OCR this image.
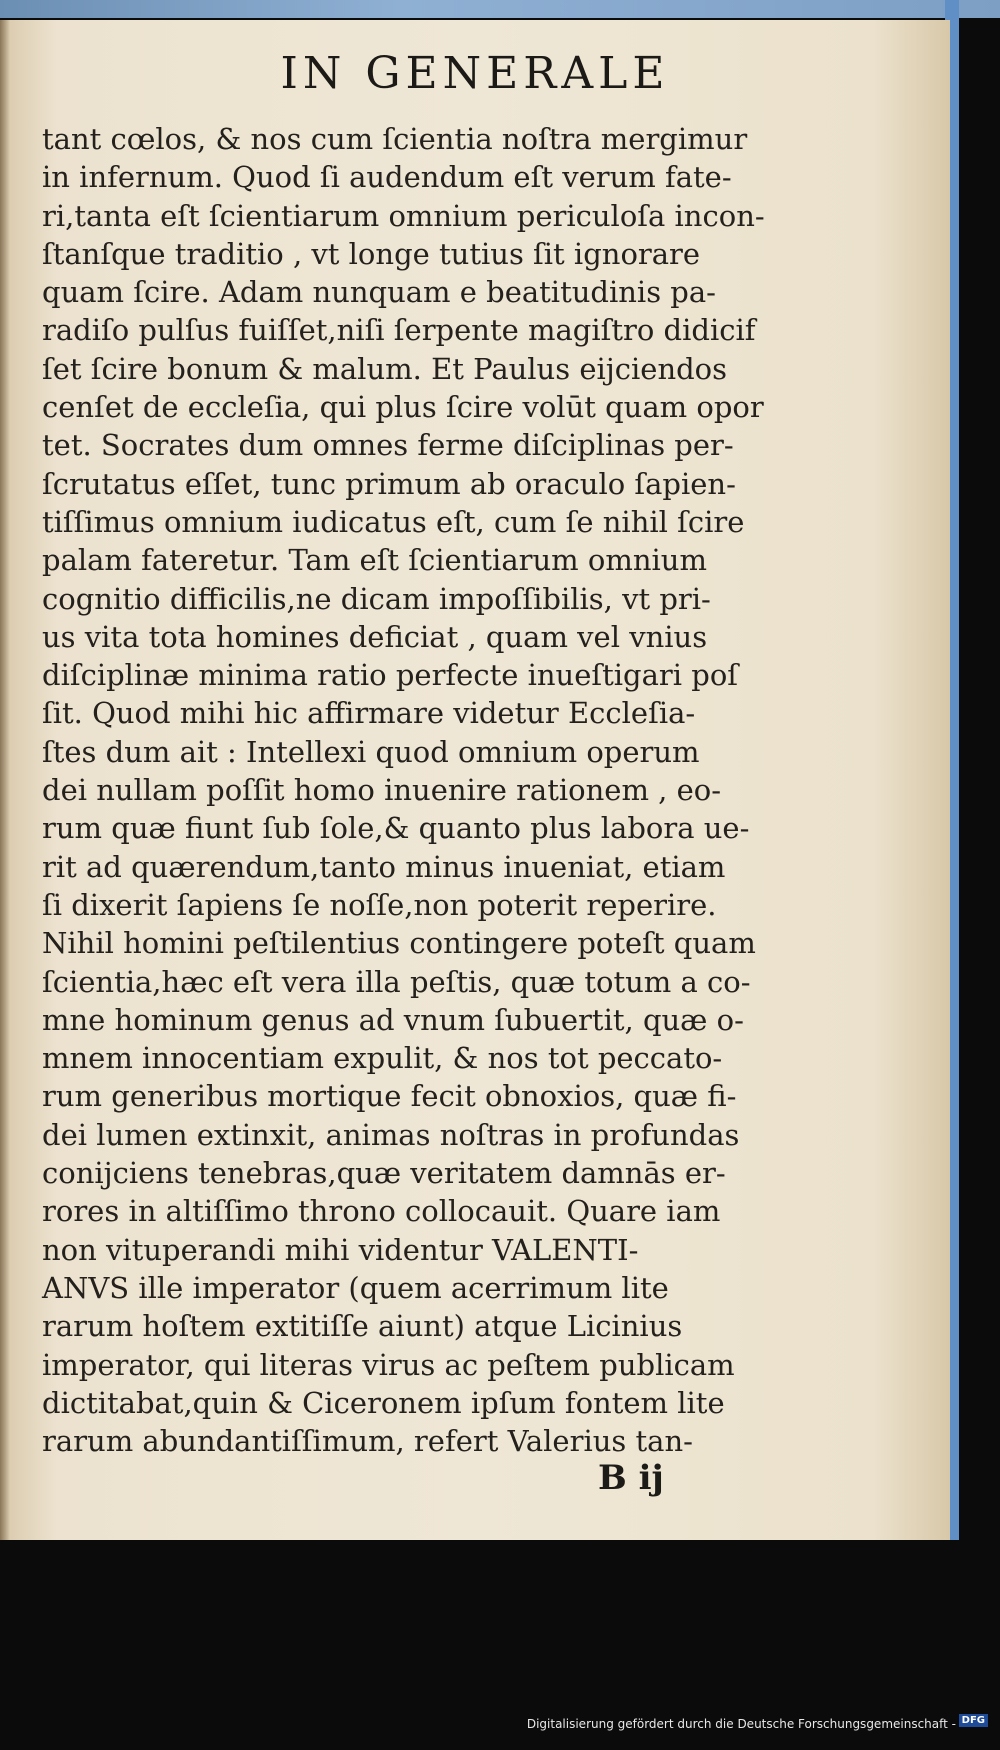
IN GENERALE
tant cœlos, & nos cum ſcientia noſtra mergimur
in infernum. Quod ſi audendum eſt verum fate-
ri,tanta eſt ſcientiarum omnium periculoſa incon-
ſtanſque traditio , vt longe tutius ſit ignorare
quam ſcire. Adam nunquam e beatitudinis pa-
radiſo pulſus fuiſſet,niſi ſerpente magiſtro didicif
ſet ſcire bonum & malum. Et Paulus eijciendos
cenſet de eccleſia, qui plus ſcire volūt quam opor
tet. Socrates dum omnes ferme diſciplinas per-
ſcrutatus eſſet, tunc primum ab oraculo ſapien-
tiſſimus omnium iudicatus eſt, cum ſe nihil ſcire
palam fateretur. Tam eſt ſcientiarum omnium
cognitio difficilis,ne dicam impoſſibilis, vt pri-
us vita tota homines deficiat , quam vel vnius
diſciplinæ minima ratio perfecte inueſtigari poſ
ſit. Quod mihi hic affirmare videtur Eccleſia-
ſtes dum ait : Intellexi quod omnium operum
dei nullam poſſit homo inuenire rationem , eo-
rum quæ fiunt ſub ſole,& quanto plus labora ue-
rit ad quærendum,tanto minus inueniat, etiam
ſi dixerit ſapiens ſe noſſe,non poterit reperire.
Nihil homini peſtilentius contingere poteſt quam
ſcientia,hæc eſt vera illa peſtis, quæ totum a co-
mne hominum genus ad vnum ſubuertit, quæ o-
mnem innocentiam expulit, & nos tot peccato-
rum generibus mortique fecit obnoxios, quæ fi-
dei lumen extinxit, animas noſtras in profundas
conijciens tenebras,quæ veritatem damnās er-
rores in altiſſimo throno collocauit. Quare iam
non vituperandi mihi videntur VALENTI-
ANVS ille imperator (quem acerrimum lite
rarum hoſtem extitiſſe aiunt) atque Licinius
imperator, qui literas virus ac peſtem publicam
dictitabat,quin & Ciceronem ipſum fontem lite
rarum abundantiſſimum, refert Valerius tan-
B ij
Digitalisierung gefördert durch die Deutsche Forschungsgemeinschaft - DFG
